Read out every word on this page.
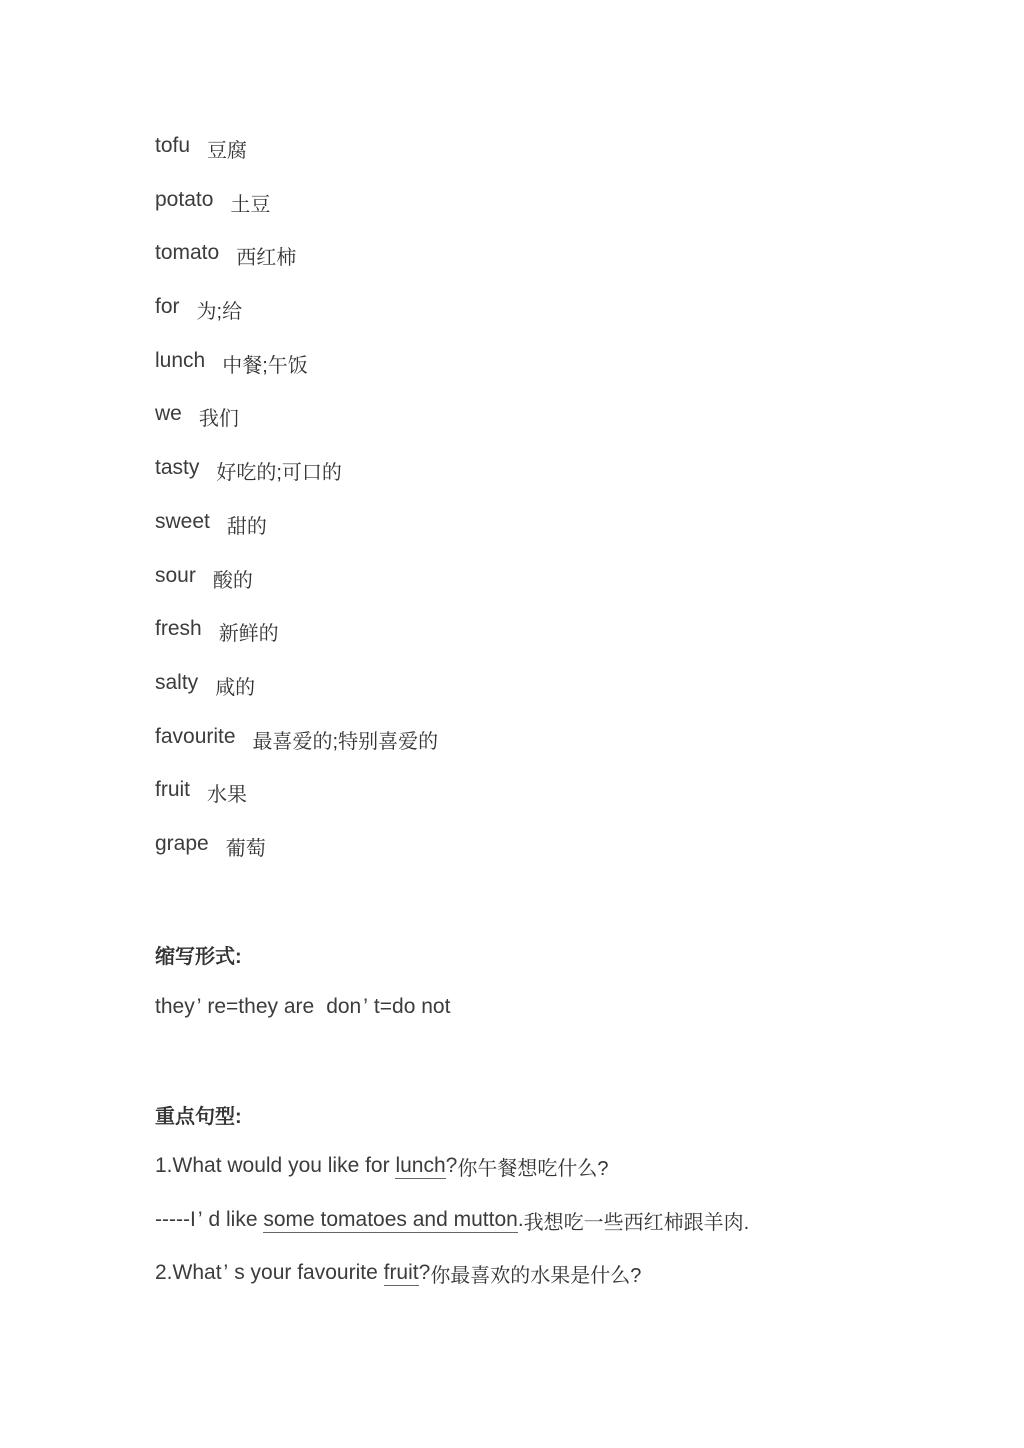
tofu 豆腐
potato 土豆
tomato 西红柿
for 为;给
lunch 中餐;午饭
we 我们
tasty 好吃的;可口的
sweet 甜的
sour 酸的
fresh 新鲜的
salty 咸的
favourite 最喜爱的;特别喜爱的
fruit 水果
grape 葡萄
缩写形式:
they’ re=they are don’ t=do not
重点句型:
1.What would you like for lunch?你午餐想吃什么?
-----I’ d like some tomatoes and mutton.我想吃一些西红柿跟羊肉.
2.What’ s your favourite fruit?你最喜欢的水果是什么?
